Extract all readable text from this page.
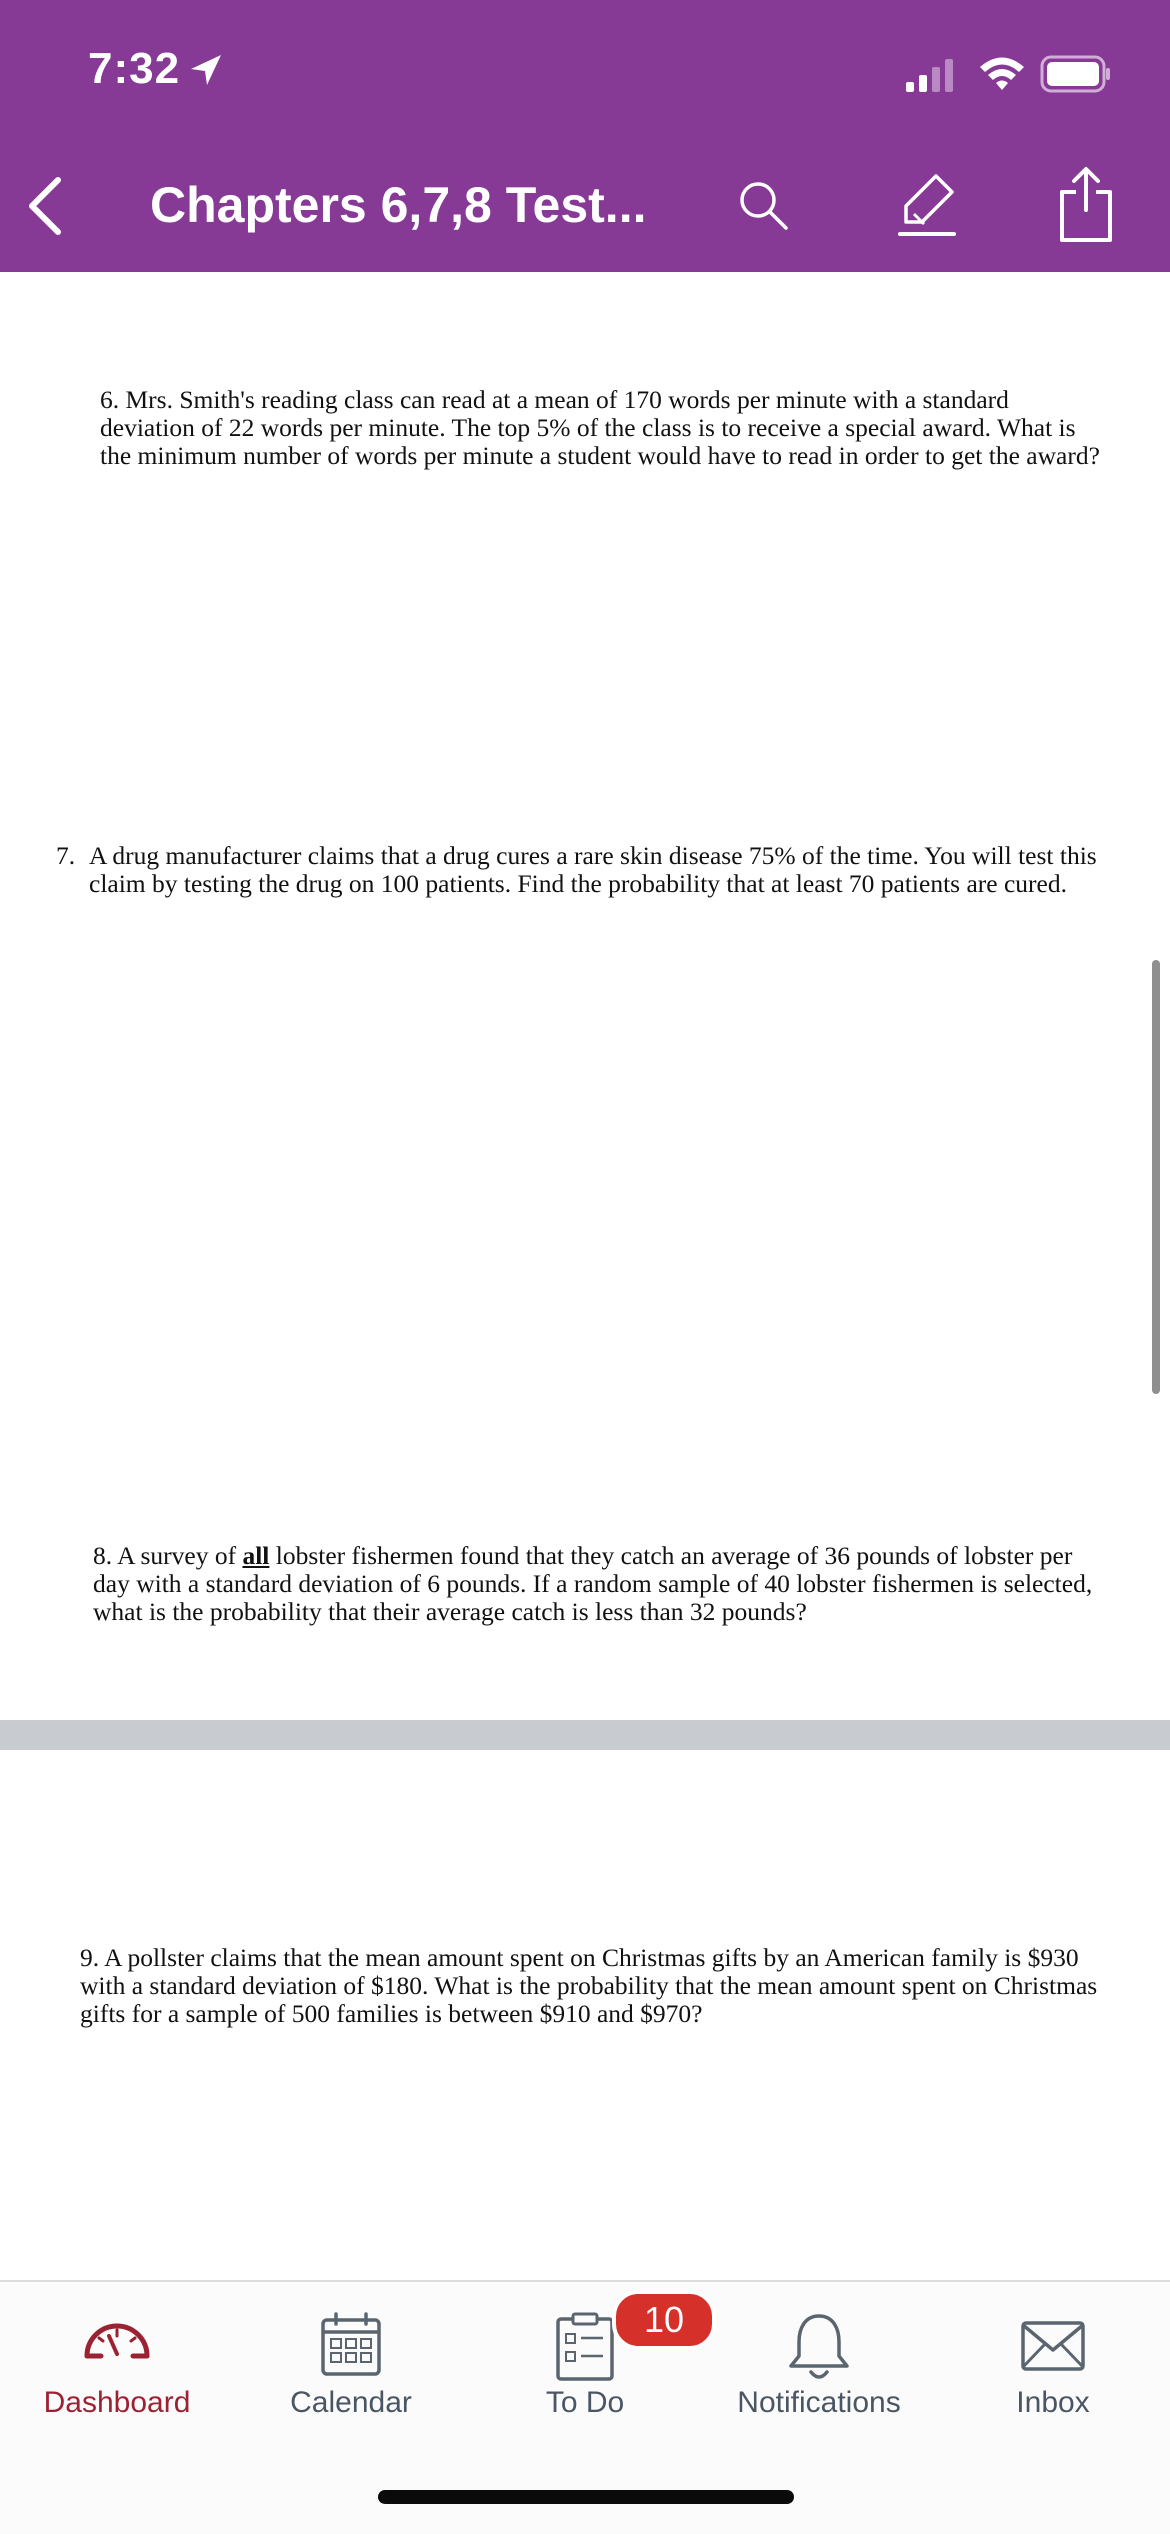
7:32
Chapters 6,7,8 Test...

6. Mrs. Smith's reading class can read at a mean of 170 words per minute with a standard deviation of 22 words per minute. The top 5% of the class is to receive a special award. What is the minimum number of words per minute a student would have to read in order to get the award?

7. A drug manufacturer claims that a drug cures a rare skin disease 75% of the time. You will test this claim by testing the drug on 100 patients. Find the probability that at least 70 patients are cured.

8. A survey of all lobster fishermen found that they catch an average of 36 pounds of lobster per day with a standard deviation of 6 pounds. If a random sample of 40 lobster fishermen is selected, what is the probability that their average catch is less than 32 pounds?

9. A pollster claims that the mean amount spent on Christmas gifts by an American family is $930 with a standard deviation of $180. What is the probability that the mean amount spent on Christmas gifts for a sample of 500 families is between $910 and $970?

Dashboard	Calendar	To Do	Notifications	Inbox
10
